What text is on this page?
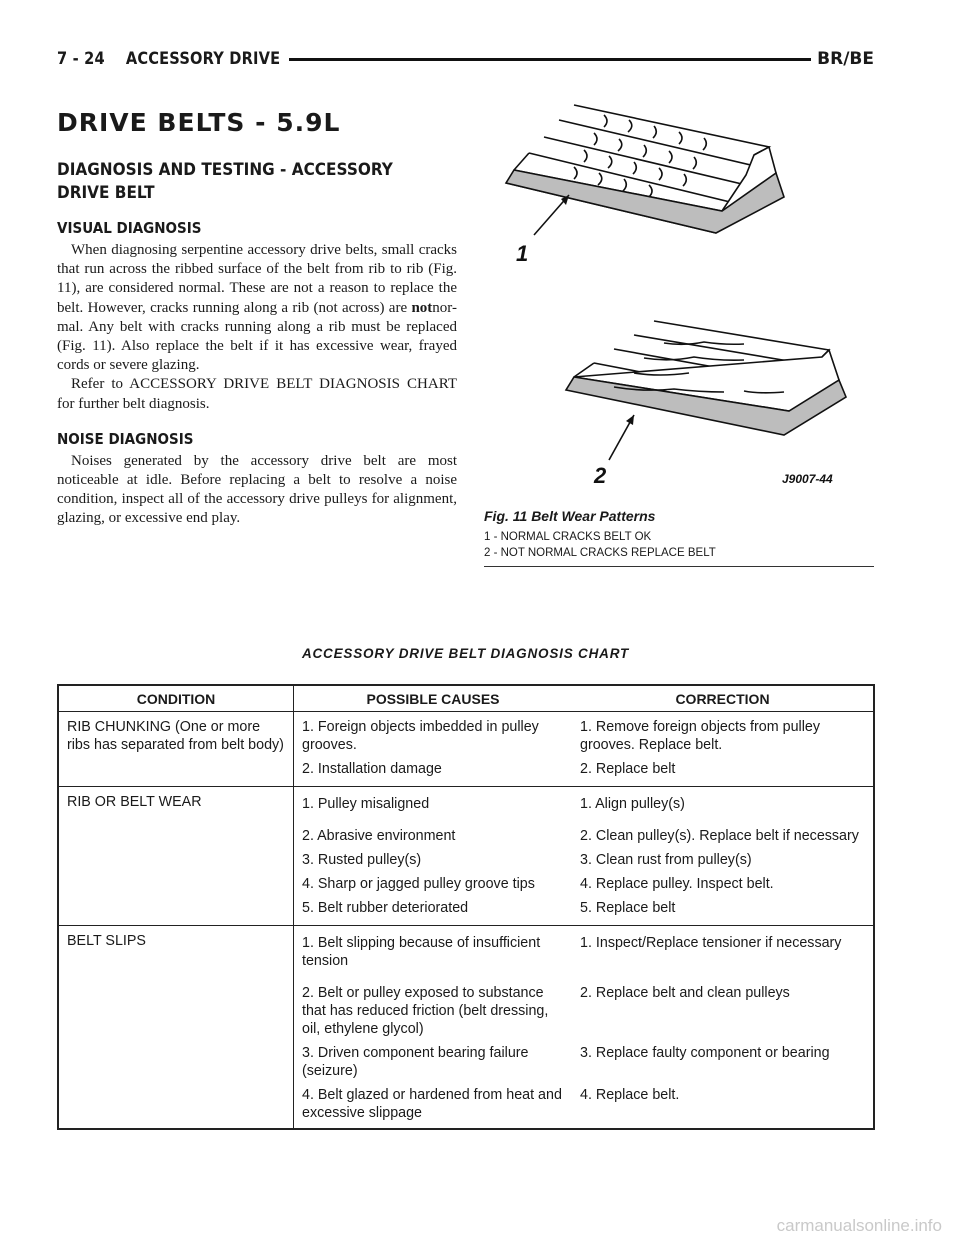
7 - 24    ACCESSORY DRIVE	BR/BE
DRIVE BELTS - 5.9L
DIAGNOSIS AND TESTING - ACCESSORY
DRIVE BELT
VISUAL DIAGNOSIS

When diagnosing serpentine accessory drive belts, small cracks that run across the ribbed surface of the belt from rib to rib (Fig. 11), are considered normal. These are not a reason to replace the belt. However, cracks running along a rib (not across) are notnor-mal. Any belt with cracks running along a rib must be replaced (Fig. 11). Also replace the belt if it has excessive wear, frayed cords or severe glazing.

Refer to ACCESSORY DRIVE BELT DIAGNOSIS CHART for further belt diagnosis.

NOISE DIAGNOSIS

Noises generated by the accessory drive belt are most noticeable at idle. Before replacing a belt to resolve a noise condition, inspect all of the accessory drive pulleys for alignment, glazing, or excessive end play.

1
2	J9007-44
Fig. 11 Belt Wear Patterns
1 - NORMAL CRACKS BELT OK
2 - NOT NORMAL CRACKS REPLACE BELT
ACCESSORY DRIVE BELT DIAGNOSIS CHART
CONDITION	POSSIBLE CAUSES	CORRECTION
RIB CHUNKING (One or more ribs has separated from belt body)	1. Foreign objects imbedded in pulley grooves.	1. Remove foreign objects from pulley grooves. Replace belt.
	2. Installation damage	2. Replace belt
RIB OR BELT WEAR	1. Pulley misaligned	1. Align pulley(s)
	2. Abrasive environment	2. Clean pulley(s). Replace belt if necessary
	3. Rusted pulley(s)	3. Clean rust from pulley(s)
	4. Sharp or jagged pulley groove tips	4. Replace pulley. Inspect belt.
	5. Belt rubber deteriorated	5. Replace belt
BELT SLIPS	1. Belt slipping because of insufficient tension	1. Inspect/Replace tensioner if necessary
	2. Belt or pulley exposed to substance that has reduced friction (belt dressing, oil, ethylene glycol)	2. Replace belt and clean pulleys
	3. Driven component bearing failure (seizure)	3. Replace faulty component or bearing
	4. Belt glazed or hardened from heat and excessive slippage	4. Replace belt.
carmanualsonline.info
